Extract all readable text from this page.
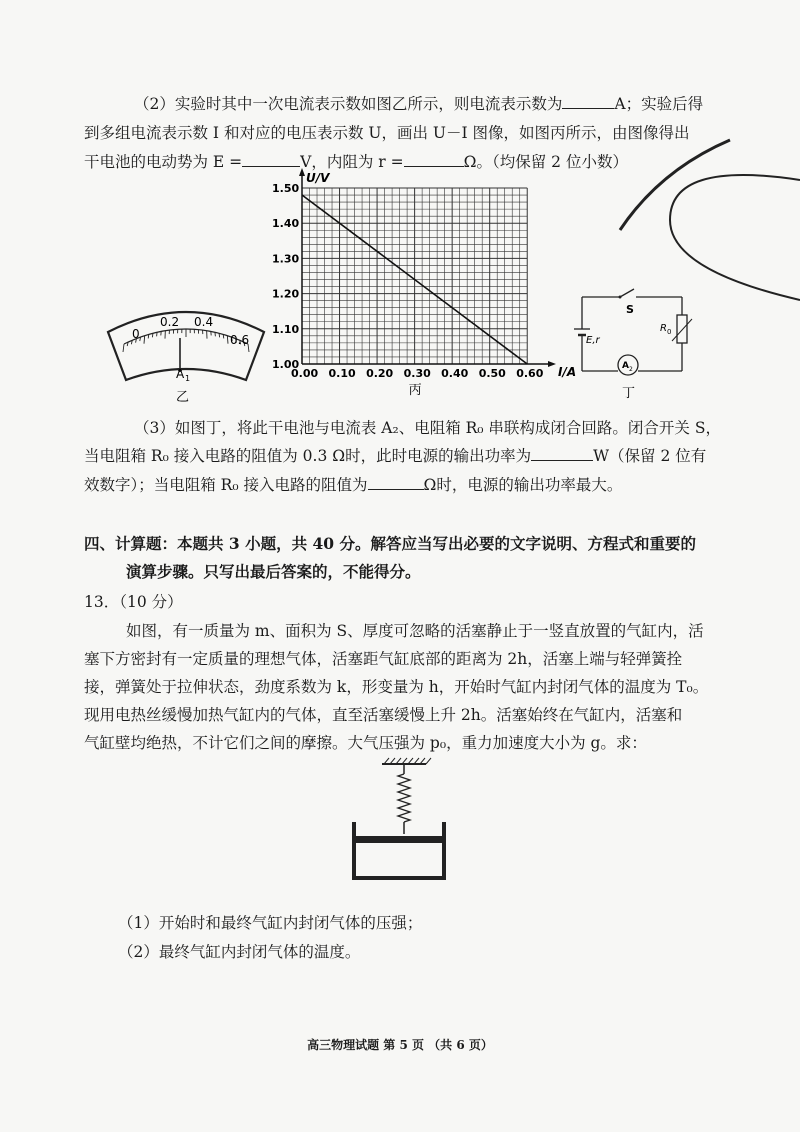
（2）实验时其中一次电流表示数如图乙所示，则电流表示数为	A；实验后得
到多组电流表示数 I 和对应的电压表示数 U，画出 U－I 图像，如图丙所示，由图像得出
干电池的电动势为 E =	V，内阻为 r =	Ω。（均保留 2 位小数）
0
0.2 0.4
0.6
A 1
乙
0.00 0.10 0.20 0.30 0.40 0.50 0.60
1.00
1.10
1.20
1.30
1.40
1.50
I/A
U/V
丙
S
E,r
A 2
R 0
丁
（3）如图丁，将此干电池与电流表 A₂、电阻箱 R₀ 串联构成闭合回路。闭合开关 S，
当电阻箱 R₀ 接入电路的阻值为 0.3 Ω时，此时电源的输出功率为	W（保留 2 位有
效数字）；当电阻箱 R₀ 接入电路的阻值为	Ω时，电源的输出功率最大。
四、计算题：本题共 3 小题，共 40 分。解答应当写出必要的文字说明、方程式和重要的
演算步骤。只写出最后答案的，不能得分。
13．（10 分）
如图，有一质量为 m、面积为 S、厚度可忽略的活塞静止于一竖直放置的气缸内，活
塞下方密封有一定质量的理想气体，活塞距气缸底部的距离为 2h，活塞上端与轻弹簧拴
接，弹簧处于拉伸状态，劲度系数为 k，形变量为 h，开始时气缸内封闭气体的温度为 T₀。
现用电热丝缓慢加热气缸内的气体，直至活塞缓慢上升 2h。活塞始终在气缸内，活塞和
气缸壁均绝热，不计它们之间的摩擦。大气压强为 p₀，重力加速度大小为 g。求：
（1）开始时和最终气缸内封闭气体的压强；
（2）最终气缸内封闭气体的温度。
高三物理试题 第 5 页 （共 6 页）
